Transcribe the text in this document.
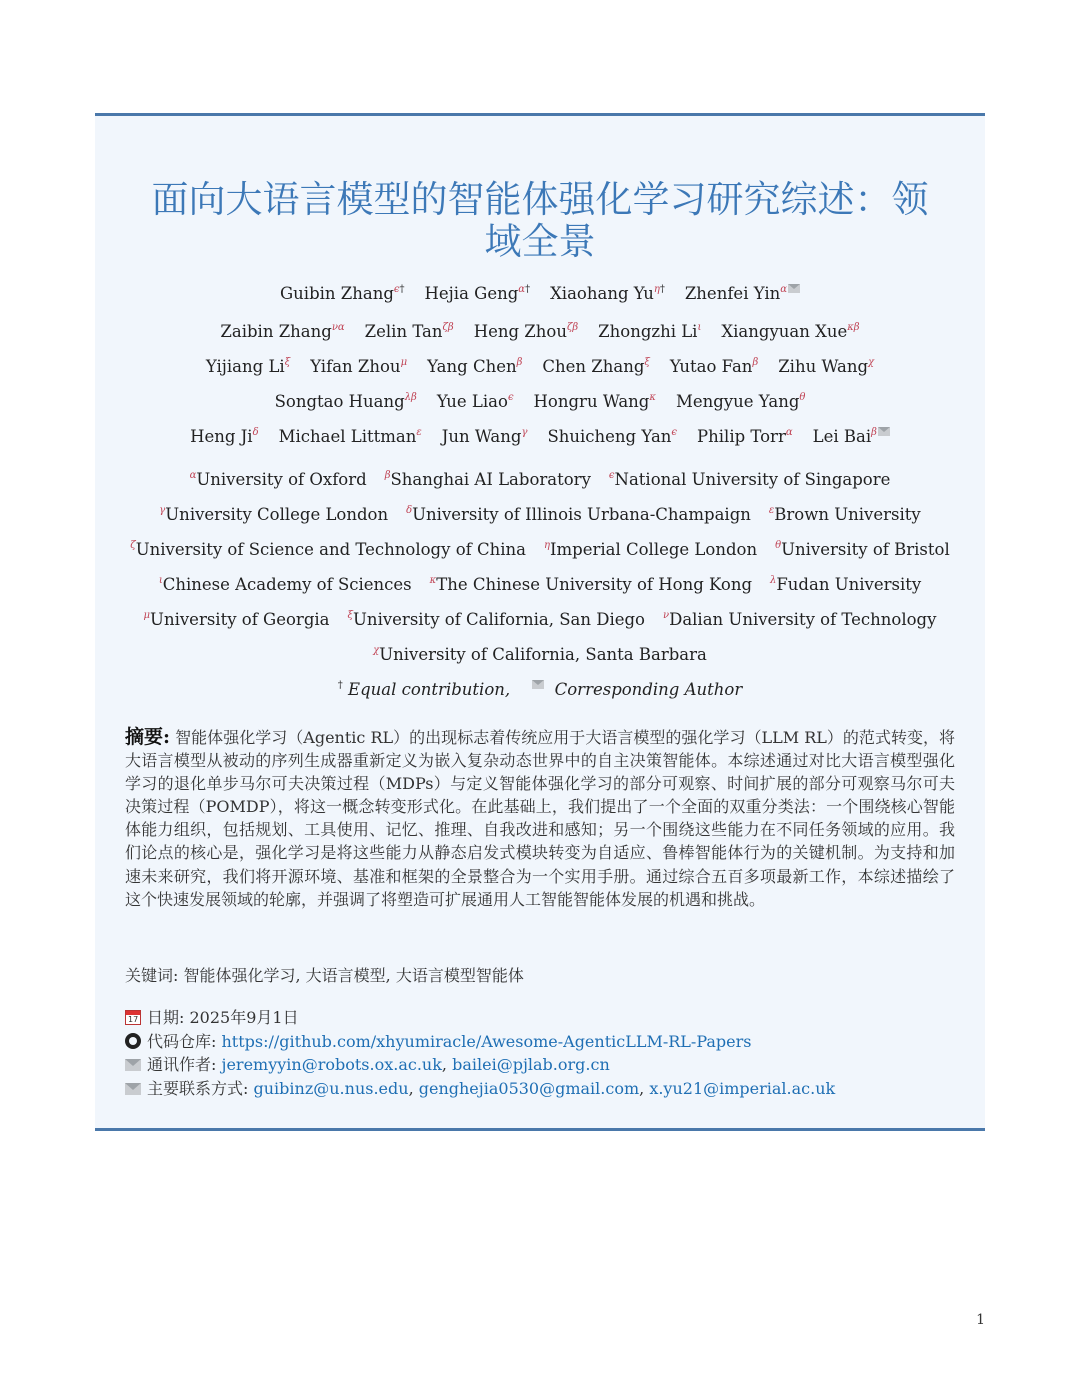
面向大语言模型的智能体强化学习研究综述：领
域全景
Guibin Zhang$^{\epsilon\dagger}$ Hejia Geng$^{\alpha\dagger}$ Xiaohang $Yu^{\eta\dagger}$ Zhenfei Yin$^\alpha$
Zaibin Zhang$^{\nu\alpha}$ Zelin Tan$^{\zeta\beta}$ Heng Zhou$^{\zeta\beta}$ Zhongzhi $Li^\iota$ Xiangyuan Xue$^{\kappa\beta}$
Yijiang $Li^\xi$ Yifan Zhou$^\mu$ Yang Chen$^\beta$ Chen Zhang$^\xi$ Yutao Fan$^\beta$ Zihu Wang$^\chi$
Songtao Huang$^{\lambda\beta}$ Yue Liao$^\epsilon$ Hongru Wang$^\kappa$ Mengyue Yang$^\theta$
Heng $Ji^\delta$ Michael Littman$^\varepsilon$ Jun Wang$^\gamma$ Shuicheng Yan$^\epsilon$ Philip Torr$^\alpha$ Lei Bai$^\beta$
$^\alpha$University of Oxford $^\beta$Shanghai AI Laboratory $^\epsilon$National University of Singapore
$^\gamma$University College London $^\delta$University of Illinois Urbana-Champaign $^\varepsilon$Brown University
$^\zeta$University of Science and Technology of China $^\eta$Imperial College London $^\theta$University of Bristol
$^\iota$Chinese Academy of Sciences $^\kappa$The Chinese University of Hong Kong $^\lambda$Fudan University
$^\mu$University of Georgia $^\xi$University of California, San Diego $^\nu$Dalian University of Technology
$^\chi$University of California, Santa Barbara
† Equal contribution,	Corresponding Author
摘要: 智能体强化学习（Agentic RL）的出现标志着传统应用于大语言模型的强化学习（LLM RL）的范式转变，将大语言模型从被动的序列生成器重新定义为嵌入复杂动态世界中的自主决策智能体。本综述通过对比大语言模型强化学习的退化单步马尔可夫决策过程（MDPs）与定义智能体强化学习的部分可观察、时间扩展的部分可观察马尔可夫决策过程（POMDP），将这一概念转变形式化。在此基础上，我们提出了一个全面的双重分类法：一个围绕核心智能体能力组织，包括规划、工具使用、记忆、推理、自我改进和感知；另一个围绕这些能力在不同任务领域的应用。我们论点的核心是，强化学习是将这些能力从静态启发式模块转变为自适应、鲁棒智能体行为的关键机制。为支持和加速未来研究，我们将开源环境、基准和框架的全景整合为一个实用手册。通过综合五百多项最新工作，本综述描绘了这个快速发展领域的轮廓，并强调了将塑造可扩展通用人工智能智能体发展的机遇和挑战。
关键词: 智能体强化学习, 大语言模型, 大语言模型智能体
17日期: 2025年9月1日
代码仓库: https://github.com/xhyumiracle/Awesome-AgenticLLM-RL-Papers
通讯作者: jeremyyin@robots.ox.ac.uk, bailei@pjlab.org.cn
主要联系方式: guibinz@u.nus.edu, genghejia0530@gmail.com, x.yu21@imperial.ac.uk
1
